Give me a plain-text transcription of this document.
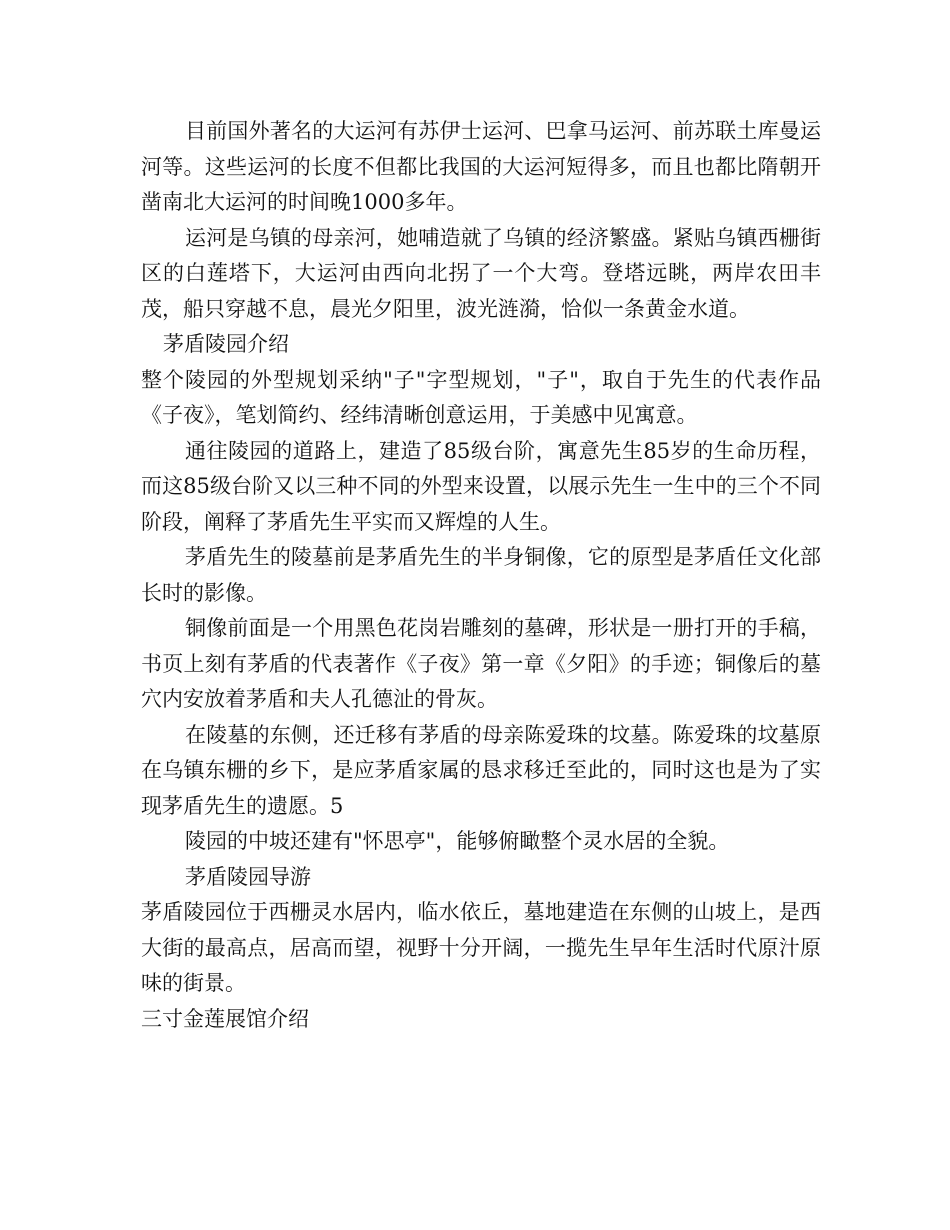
目前国外著名的大运河有苏伊士运河、巴拿马运河、前苏联土库曼运河等。这些运河的长度不但都比我国的大运河短得多，而且也都比隋朝开凿南北大运河的时间晚1000多年。

运河是乌镇的母亲河，她哺造就了乌镇的经济繁盛。紧贴乌镇西栅街区的白莲塔下，大运河由西向北拐了一个大弯。登塔远眺，两岸农田丰茂，船只穿越不息，晨光夕阳里，波光涟漪，恰似一条黄金水道。

茅盾陵园介绍

整个陵园的外型规划采纳"子"字型规划，"子"，取自于先生的代表作品《子夜》，笔划简约、经纬清晰创意运用，于美感中见寓意。

通往陵园的道路上，建造了85级台阶，寓意先生85岁的生命历程，而这85级台阶又以三种不同的外型来设置，以展示先生一生中的三个不同阶段，阐释了茅盾先生平实而又辉煌的人生。

茅盾先生的陵墓前是茅盾先生的半身铜像，它的原型是茅盾任文化部长时的影像。

铜像前面是一个用黑色花岗岩雕刻的墓碑，形状是一册打开的手稿，书页上刻有茅盾的代表著作《子夜》第一章《夕阳》的手迹；铜像后的墓穴内安放着茅盾和夫人孔德沚的骨灰。

在陵墓的东侧，还迁移有茅盾的母亲陈爱珠的坟墓。陈爱珠的坟墓原在乌镇东栅的乡下，是应茅盾家属的恳求移迁至此的，同时这也是为了实现茅盾先生的遗愿。5

陵园的中坡还建有"怀思亭"，能够俯瞰整个灵水居的全貌。

茅盾陵园导游

茅盾陵园位于西栅灵水居内，临水依丘，墓地建造在东侧的山坡上，是西大街的最高点，居高而望，视野十分开阔，一揽先生早年生活时代原汁原味的街景。

三寸金莲展馆介绍
